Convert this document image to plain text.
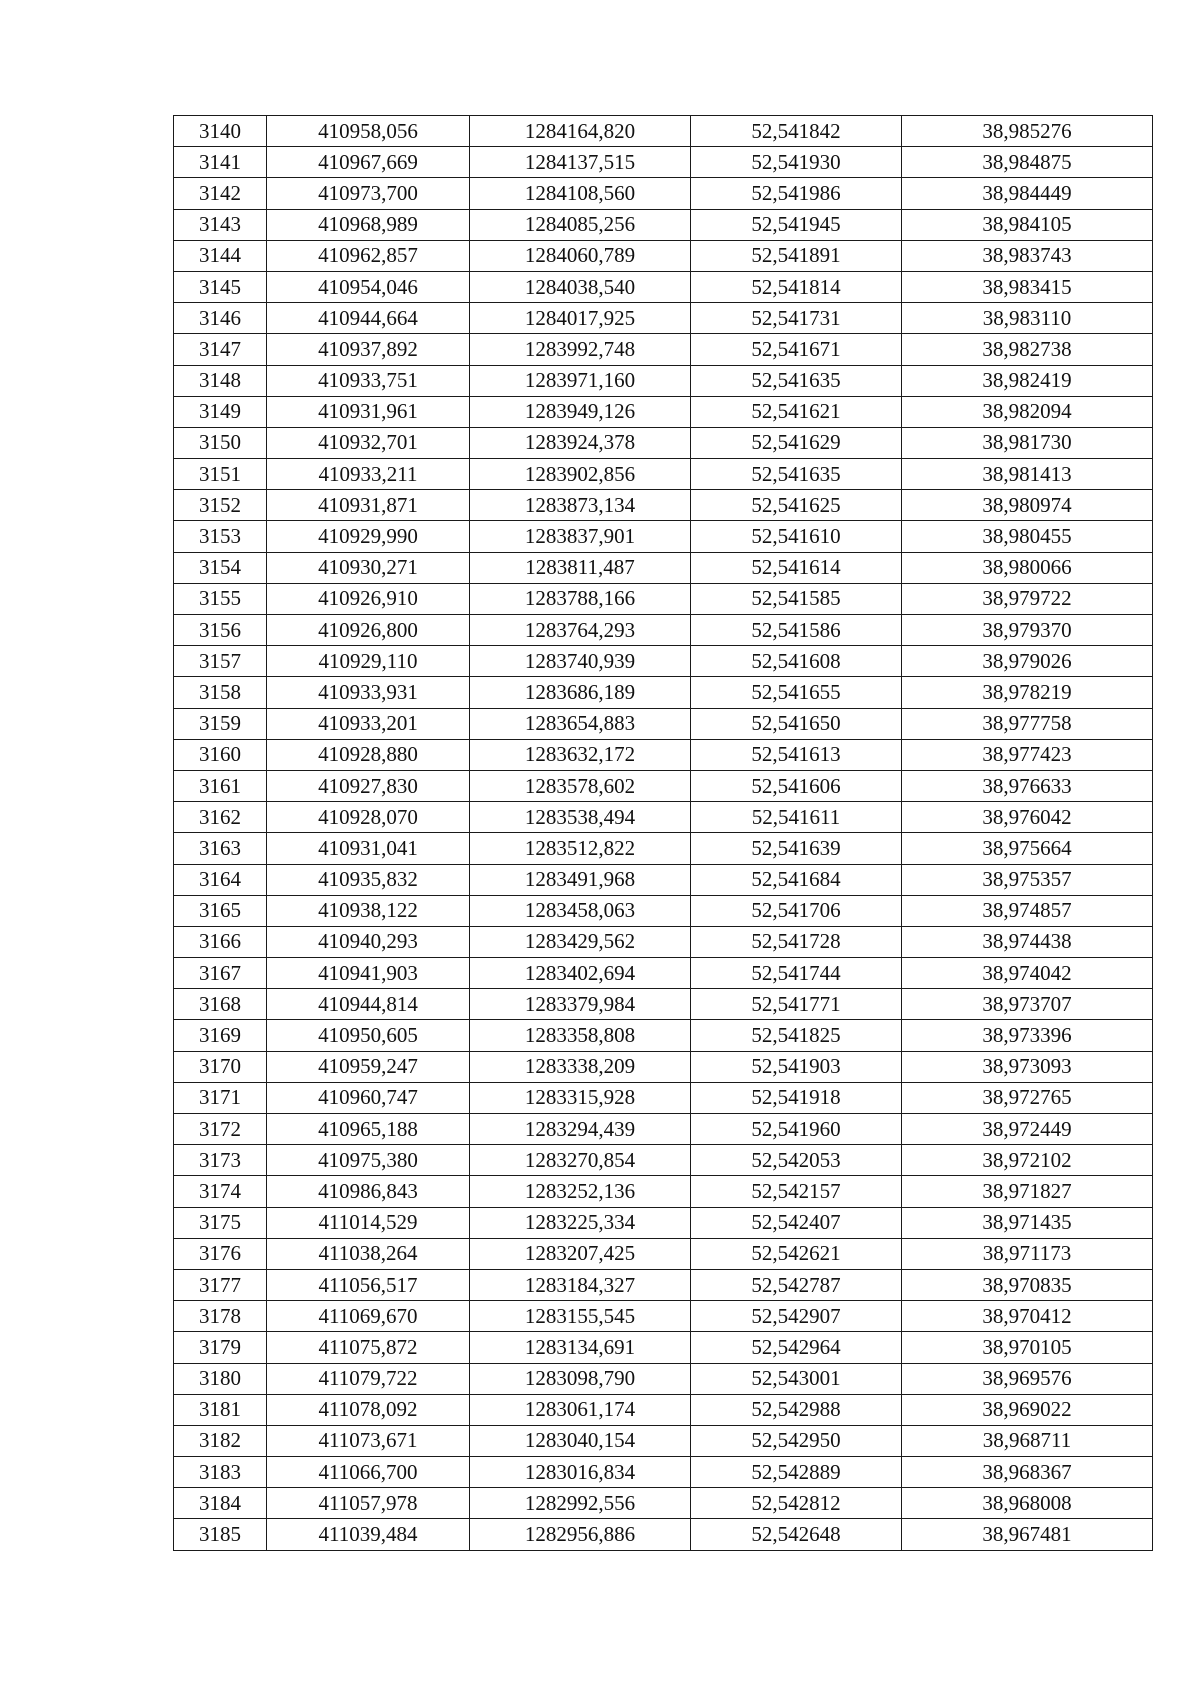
3140	410958,056	1284164,820	52,541842	38,985276
3141	410967,669	1284137,515	52,541930	38,984875
3142	410973,700	1284108,560	52,541986	38,984449
3143	410968,989	1284085,256	52,541945	38,984105
3144	410962,857	1284060,789	52,541891	38,983743
3145	410954,046	1284038,540	52,541814	38,983415
3146	410944,664	1284017,925	52,541731	38,983110
3147	410937,892	1283992,748	52,541671	38,982738
3148	410933,751	1283971,160	52,541635	38,982419
3149	410931,961	1283949,126	52,541621	38,982094
3150	410932,701	1283924,378	52,541629	38,981730
3151	410933,211	1283902,856	52,541635	38,981413
3152	410931,871	1283873,134	52,541625	38,980974
3153	410929,990	1283837,901	52,541610	38,980455
3154	410930,271	1283811,487	52,541614	38,980066
3155	410926,910	1283788,166	52,541585	38,979722
3156	410926,800	1283764,293	52,541586	38,979370
3157	410929,110	1283740,939	52,541608	38,979026
3158	410933,931	1283686,189	52,541655	38,978219
3159	410933,201	1283654,883	52,541650	38,977758
3160	410928,880	1283632,172	52,541613	38,977423
3161	410927,830	1283578,602	52,541606	38,976633
3162	410928,070	1283538,494	52,541611	38,976042
3163	410931,041	1283512,822	52,541639	38,975664
3164	410935,832	1283491,968	52,541684	38,975357
3165	410938,122	1283458,063	52,541706	38,974857
3166	410940,293	1283429,562	52,541728	38,974438
3167	410941,903	1283402,694	52,541744	38,974042
3168	410944,814	1283379,984	52,541771	38,973707
3169	410950,605	1283358,808	52,541825	38,973396
3170	410959,247	1283338,209	52,541903	38,973093
3171	410960,747	1283315,928	52,541918	38,972765
3172	410965,188	1283294,439	52,541960	38,972449
3173	410975,380	1283270,854	52,542053	38,972102
3174	410986,843	1283252,136	52,542157	38,971827
3175	411014,529	1283225,334	52,542407	38,971435
3176	411038,264	1283207,425	52,542621	38,971173
3177	411056,517	1283184,327	52,542787	38,970835
3178	411069,670	1283155,545	52,542907	38,970412
3179	411075,872	1283134,691	52,542964	38,970105
3180	411079,722	1283098,790	52,543001	38,969576
3181	411078,092	1283061,174	52,542988	38,969022
3182	411073,671	1283040,154	52,542950	38,968711
3183	411066,700	1283016,834	52,542889	38,968367
3184	411057,978	1282992,556	52,542812	38,968008
3185	411039,484	1282956,886	52,542648	38,967481
